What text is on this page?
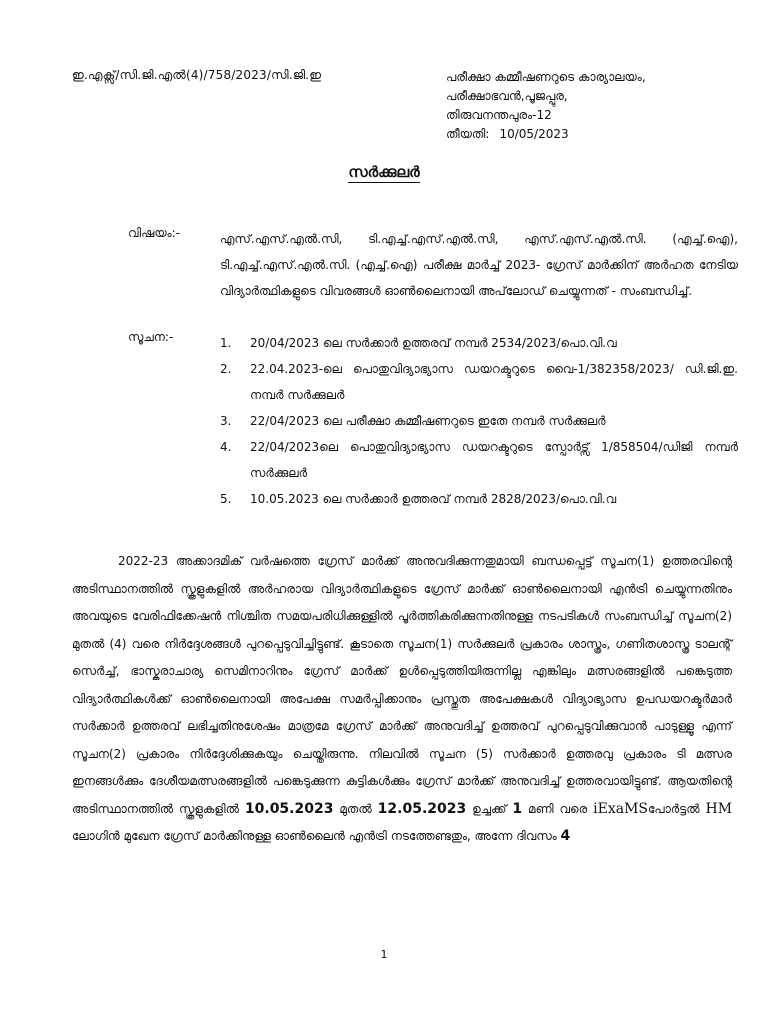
ഇ.എക്സ്/സി.ജി.എൽ(4)/758/2023/സി.ജി.ഇ	പരീക്ഷാ കമ്മീഷണറുടെ കാര്യാലയം,
പരീക്ഷാഭവൻ,പൂജപ്പുര,
തിരുവനന്തപുരം-12
തീയതി: 10/05/2023
സർക്കുലർ
വിഷയം:-	എസ്.എസ്.എൽ.സി, ടി.എച്ച്.എസ്.എൽ.സി, എസ്.എസ്.എൽ.സി. (എച്ച്.ഐ), ടി.എച്ച്.എസ്.എൽ.സി. (എച്ച്.ഐ) പരീക്ഷ മാർച്ച് 2023- ഗ്രേസ് മാർക്കിന് അർഹത നേടിയ വിദ്യാർത്ഥികളുടെ വിവരങ്ങൾ ഓൺലൈനായി അപ്‌ലോഡ് ചെയ്യുന്നത് - സംബന്ധിച്ച്.
സൂചന:-	1. 20/04/2023 ലെ സർക്കാർ ഉത്തരവ് നമ്പർ 2534/2023/പൊ.വി.വ
2. 22.04.2023-ലെ പൊതുവിദ്യാഭ്യാസ ഡയറക്ടറുടെ വൈ-1/382358/2023/ ഡി.ജി.ഇ. നമ്പർ സർക്കുലർ
3. 22/04/2023 ലെ പരീക്ഷാ കമ്മീഷണറുടെ ഇതേ നമ്പർ സർക്കുലർ
4. 22/04/2023ലെ പൊതുവിദ്യാഭ്യാസ ഡയറക്ടറുടെ സ്പോർട്സ് 1/858504/ഡിജി നമ്പർ സർക്കുലർ
5. 10.05.2023 ലെ സർക്കാർ ഉത്തരവ് നമ്പർ 2828/2023/പൊ.വി.വ
2022-23 അക്കാദമിക് വർഷത്തെ ഗ്രേസ് മാർക്ക് അനുവദിക്കുന്നതുമായി ബന്ധപ്പെട്ട് സൂചന(1) ഉത്തരവിന്റെ അടിസ്ഥാനത്തിൽ സ്കൂളുകളിൽ അർഹരായ വിദ്യാർത്ഥികളുടെ ഗ്രേസ് മാർക്ക് ഓൺലൈനായി എൻട്രി ചെയ്യുന്നതിനും അവയുടെ വേരിഫിക്കേഷൻ നിശ്ചിത സമയപരിധിക്കുള്ളിൽ പൂർത്തികരിക്കുന്നതിനുള്ള നടപടികൾ സംബന്ധിച്ച് സൂചന(2) മുതൽ (4) വരെ നിർദ്ദേശങ്ങൾ പുറപ്പെടുവിച്ചിട്ടുണ്ട്. കൂടാതെ സൂചന(1) സർക്കുലർ പ്രകാരം ശാസ്ത്രം, ഗണിതശാസ്ത്ര ടാലന്റ് സെർച്ച്, ഭാസ്കരാചാര്യ സെമിനാറിനും ഗ്രേസ് മാർക്ക് ഉൾപ്പെടുത്തിയിരുന്നില്ല എങ്കിലും മത്സരങ്ങളിൽ പങ്കെടുത്ത വിദ്യാർത്ഥികൾക്ക് ഓൺലൈനായി അപേക്ഷ സമർപ്പിക്കാനും പ്രസ്തുത അപേക്ഷകൾ വിദ്യാഭ്യാസ ഉപഡയറക്ടർമാർ സർക്കാർ ഉത്തരവ് ലഭിച്ചതിനുശേഷം മാത്രമേ ഗ്രേസ് മാർക്ക് അനുവദിച്ച് ഉത്തരവ് പുറപ്പെടുവിക്കുവാൻ പാടുള്ളൂ എന്ന് സൂചന(2) പ്രകാരം നിർദ്ദേശിക്കുകയും ചെയ്തിരുന്നു. നിലവിൽ സൂചന (5) സർക്കാർ ഉത്തരവു പ്രകാരം ടി മത്സര ഇനങ്ങൾക്കും ദേശീയമത്സരങ്ങളിൽ പങ്കെടുക്കുന്ന കുട്ടികൾക്കും ഗ്രേസ് മാർക്ക് അനുവദിച്ച് ഉത്തരവായിട്ടുണ്ട്. ആയതിന്റെ അടിസ്ഥാനത്തിൽ സ്കൂളുകളിൽ 10.05.2023 മുതൽ 12.05.2023 ഉച്ചക്ക് 1 മണി വരെ iExaMSപോർട്ടൽ HM ലോഗിൻ മുഖേന ഗ്രേസ് മാർക്കിനുള്ള ഓൺലൈൻ എൻട്രി നടത്തേണ്ടതും, അന്നേ ദിവസം 4
1
